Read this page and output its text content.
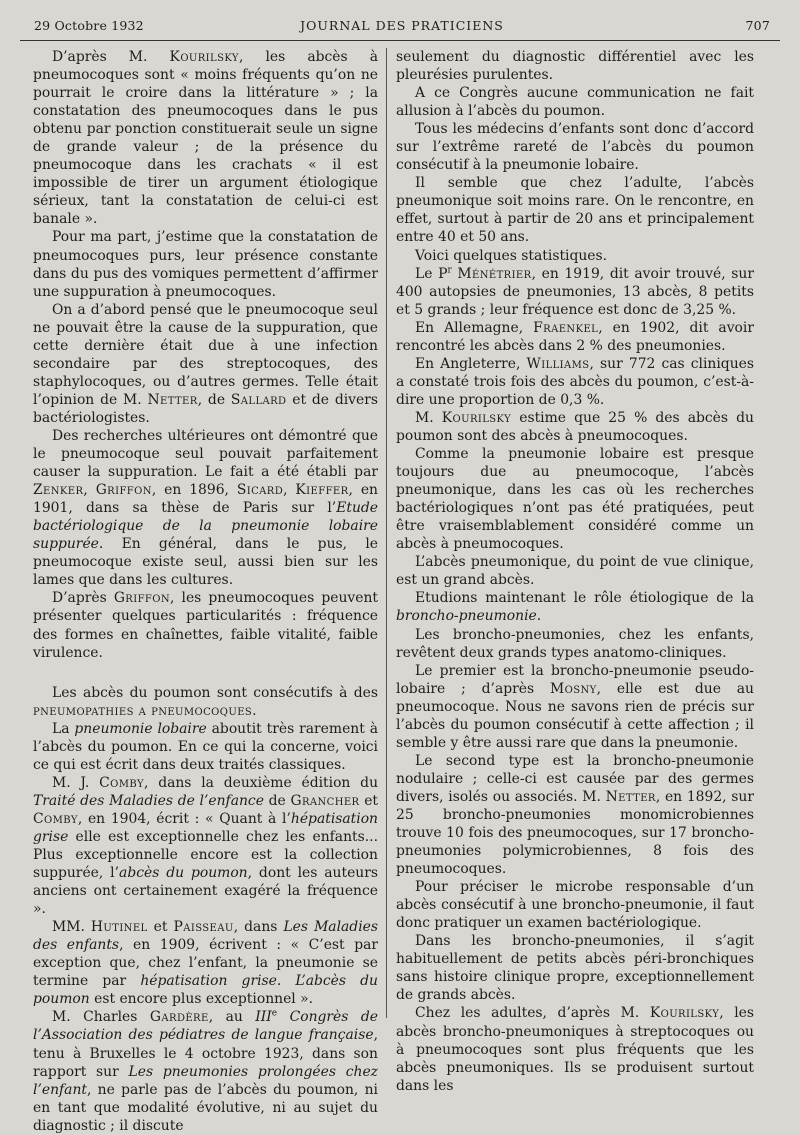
29 Octobre 1932	JOURNAL DES PRATICIENS	707

D’après M. Kourilsky, les abcès à pneumocoques sont « moins fréquents qu’on ne pourrait le croire dans la littérature » ; la constatation des pneumocoques dans le pus obtenu par ponction constituerait seule un signe de grande valeur ; de la présence du pneumocoque dans les crachats « il est impossible de tirer un argument étiologique sérieux, tant la constatation de celui-ci est banale ».

Pour ma part, j’estime que la constatation de pneumocoques purs, leur présence constante dans du pus des vomiques permettent d’affirmer une suppuration à pneumocoques.

On a d’abord pensé que le pneumocoque seul ne pouvait être la cause de la suppuration, que cette dernière était due à une infection secondaire par des streptocoques, des staphylocoques, ou d’autres germes. Telle était l’opinion de M. Netter, de Sallard et de divers bactériologistes.

Des recherches ultérieures ont démontré que le pneumocoque seul pouvait parfaitement causer la suppuration. Le fait a été établi par Zenker, Griffon, en 1896, Sicard, Kieffer, en 1901, dans sa thèse de Paris sur l’Etude bactériologique de la pneumonie lobaire suppurée. En général, dans le pus, le pneumocoque existe seul, aussi bien sur les lames que dans les cultures.

D’après Griffon, les pneumocoques peuvent présenter quelques particularités : fréquence des formes en chaînettes, faible vitalité, faible virulence.

Les abcès du poumon sont consécutifs à des pneumopathies a pneumocoques.

La pneumonie lobaire aboutit très rarement à l’abcès du poumon. En ce qui la concerne, voici ce qui est écrit dans deux traités classiques.

M. J. Comby, dans la deuxième édition du Traité des Maladies de l’enfance de Grancher et Comby, en 1904, écrit : « Quant à l’hépatisation grise elle est exceptionnelle chez les enfants... Plus exceptionnelle encore est la collection suppurée, l’abcès du poumon, dont les auteurs anciens ont certainement exagéré la fréquence ».

MM. Hutinel et Paisseau, dans Les Maladies des enfants, en 1909, écrivent : « C’est par exception que, chez l’enfant, la pneumonie se termine par hépatisation grise. L’abcès du poumon est encore plus exceptionnel ».

M. Charles Gardère, au IIIe Congrès de l’Association des pédiatres de langue française, tenu à Bruxelles le 4 octobre 1923, dans son rapport sur Les pneumonies prolongées chez l’enfant, ne parle pas de l’abcès du poumon, ni en tant que modalité évolutive, ni au sujet du diagnostic ; il discute

seulement du diagnostic différentiel avec les pleurésies purulentes.

A ce Congrès aucune communication ne fait allusion à l’abcès du poumon.

Tous les médecins d’enfants sont donc d’accord sur l’extrême rareté de l’abcès du poumon consécutif à la pneumonie lobaire.

Il semble que chez l’adulte, l’abcès pneumonique soit moins rare. On le rencontre, en effet, surtout à partir de 20 ans et principalement entre 40 et 50 ans.

Voici quelques statistiques.

Le $P^r$ Ménétrier, en 1919, dit avoir trouvé, sur 400 autopsies de pneumonies, 13 abcès, 8 petits et 5 grands ; leur fréquence est donc de 3,25 %.

En Allemagne, Fraenkel, en 1902, dit avoir rencontré les abcès dans 2 % des pneumonies.

En Angleterre, Williams, sur 772 cas cliniques a constaté trois fois des abcès du poumon, c’est-à-dire une proportion de 0,3 %.

M. Kourilsky estime que 25 % des abcès du poumon sont des abcès à pneumocoques.

Comme la pneumonie lobaire est presque toujours due au pneumocoque, l’abcès pneumonique, dans les cas où les recherches bactériologiques n’ont pas été pratiquées, peut être vraisemblablement considéré comme un abcès à pneumocoques.

L’abcès pneumonique, du point de vue clinique, est un grand abcès.

Etudions maintenant le rôle étiologique de la broncho-pneumonie.

Les broncho-pneumonies, chez les enfants, revêtent deux grands types anatomo-cliniques.

Le premier est la broncho-pneumonie pseudo-lobaire ; d’après Mosny, elle est due au pneumocoque. Nous ne savons rien de précis sur l’abcès du poumon consécutif à cette affection ; il semble y être aussi rare que dans la pneumonie.

Le second type est la broncho-pneumonie nodulaire ; celle-ci est causée par des germes divers, isolés ou associés. M. Netter, en 1892, sur 25 broncho-pneumonies monomicrobiennes trouve 10 fois des pneumocoques, sur 17 broncho-pneumonies polymicrobiennes, 8 fois des pneumocoques.

Pour préciser le microbe responsable d’un abcès consécutif à une broncho-pneumonie, il faut donc pratiquer un examen bactériologique.

Dans les broncho-pneumonies, il s’agit habituellement de petits abcès péri-bronchiques sans histoire clinique propre, exceptionnellement de grands abcès.

Chez les adultes, d’après M. Kourilsky, les abcès broncho-pneumoniques à streptocoques ou à pneumocoques sont plus fréquents que les abcès pneumoniques. Ils se produisent surtout dans les
